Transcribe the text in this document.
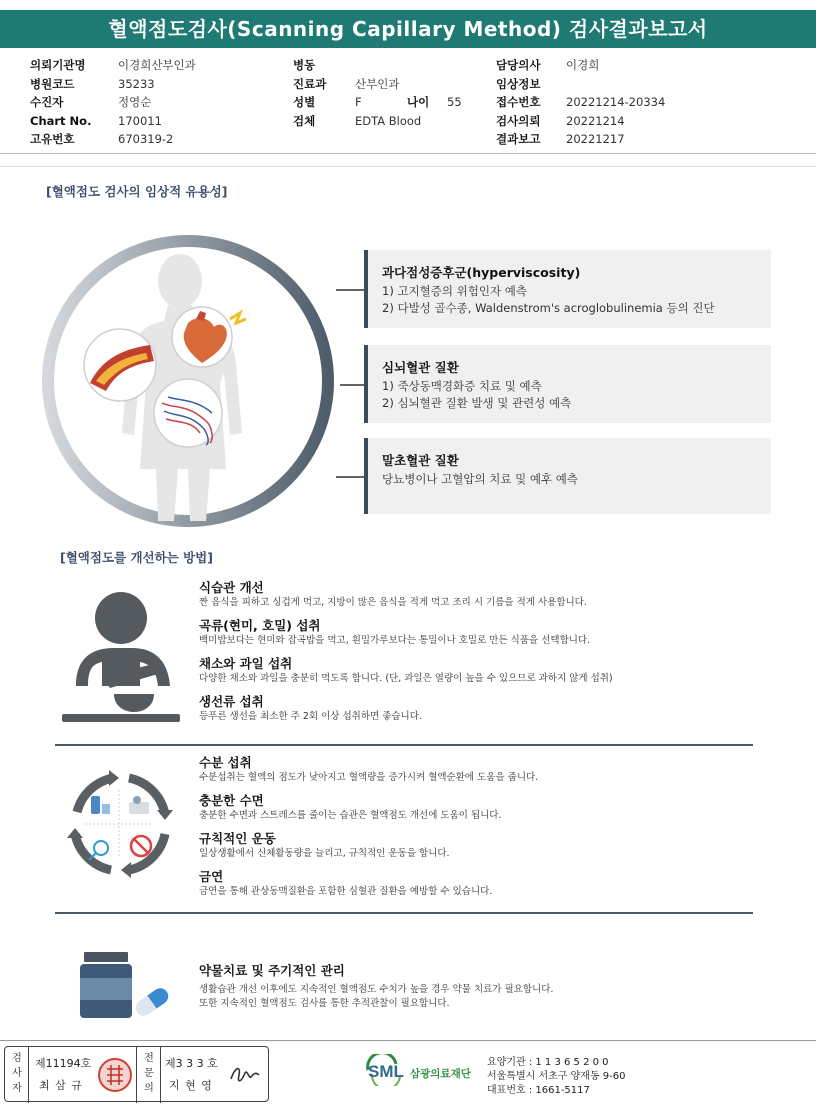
혈액점도검사(Scanning Capillary Method) 검사결과보고서
의뢰기관명	이경희산부인과
병원코드	35233
수진자	정영순
Chart No.	170011
고유번호	670319-2
병동
진료과	산부인과
성별	F	나이	55
검체	EDTA Blood
담당의사	이경희
임상정보
접수번호	20221214-20334
검사의뢰	20221214
결과보고	20221217
[혈액점도 검사의 임상적 유용성]
과다점성증후군(hyperviscosity)
1) 고지혈증의 위험인자 예측
2) 다발성 골수종, Waldenstrom's acroglobulinemia 등의 진단
심뇌혈관 질환
1) 죽상동맥경화증 치료 및 예측
2) 심뇌혈관 질환 발생 및 관련성 예측
말초혈관 질환
당뇨병이나 고혈압의 치료 및 예후 예측
[혈액점도를 개선하는 방법]
식습관 개선
짠 음식을 피하고 싱겁게 먹고, 지방이 많은 음식을 적게 먹고 조리 시 기름을 적게 사용합니다.
곡류(현미, 호밀) 섭취
백미밥보다는 현미와 잡곡밥을 먹고, 흰밀가루보다는 통밀이나 호밀로 만든 식품을 선택합니다.
채소와 과일 섭취
다양한 채소와 과일을 충분히 먹도록 합니다. (단, 과일은 열량이 높을 수 있으므로 과하지 않게 섭취)
생선류 섭취
등푸른 생선을 최소한 주 2회 이상 섭취하면 좋습니다.
수분 섭취
수분섭취는 혈액의 점도가 낮아지고 혈액량을 증가시켜 혈액순환에 도움을 줍니다.
충분한 수면
충분한 수면과 스트레스를 줄이는 습관은 혈액점도 개선에 도움이 됩니다.
규칙적인 운동
일상생활에서 신체활동량을 늘리고, 규칙적인 운동을 합니다.
금연
금연을 통해 관상동맥질환을 포함한 심혈관 질환을 예방할 수 있습니다.
약물치료 및 주기적인 관리
생활습관 개선 이후에도 지속적인 혈액점도 수치가 높을 경우 약물 치료가 필요합니다.
또한 지속적인 혈액점도 검사를 통한 추적관찰이 필요합니다.
검
사
자
제11194호
최 삼 규
전
문
의
제3 3 3 호
지 현 영
SML 삼광의료재단
요양기관 : 1 1 3 6 5 2 0 0
서울특별시 서초구 양재동 9-60
대표번호 : 1661-5117
